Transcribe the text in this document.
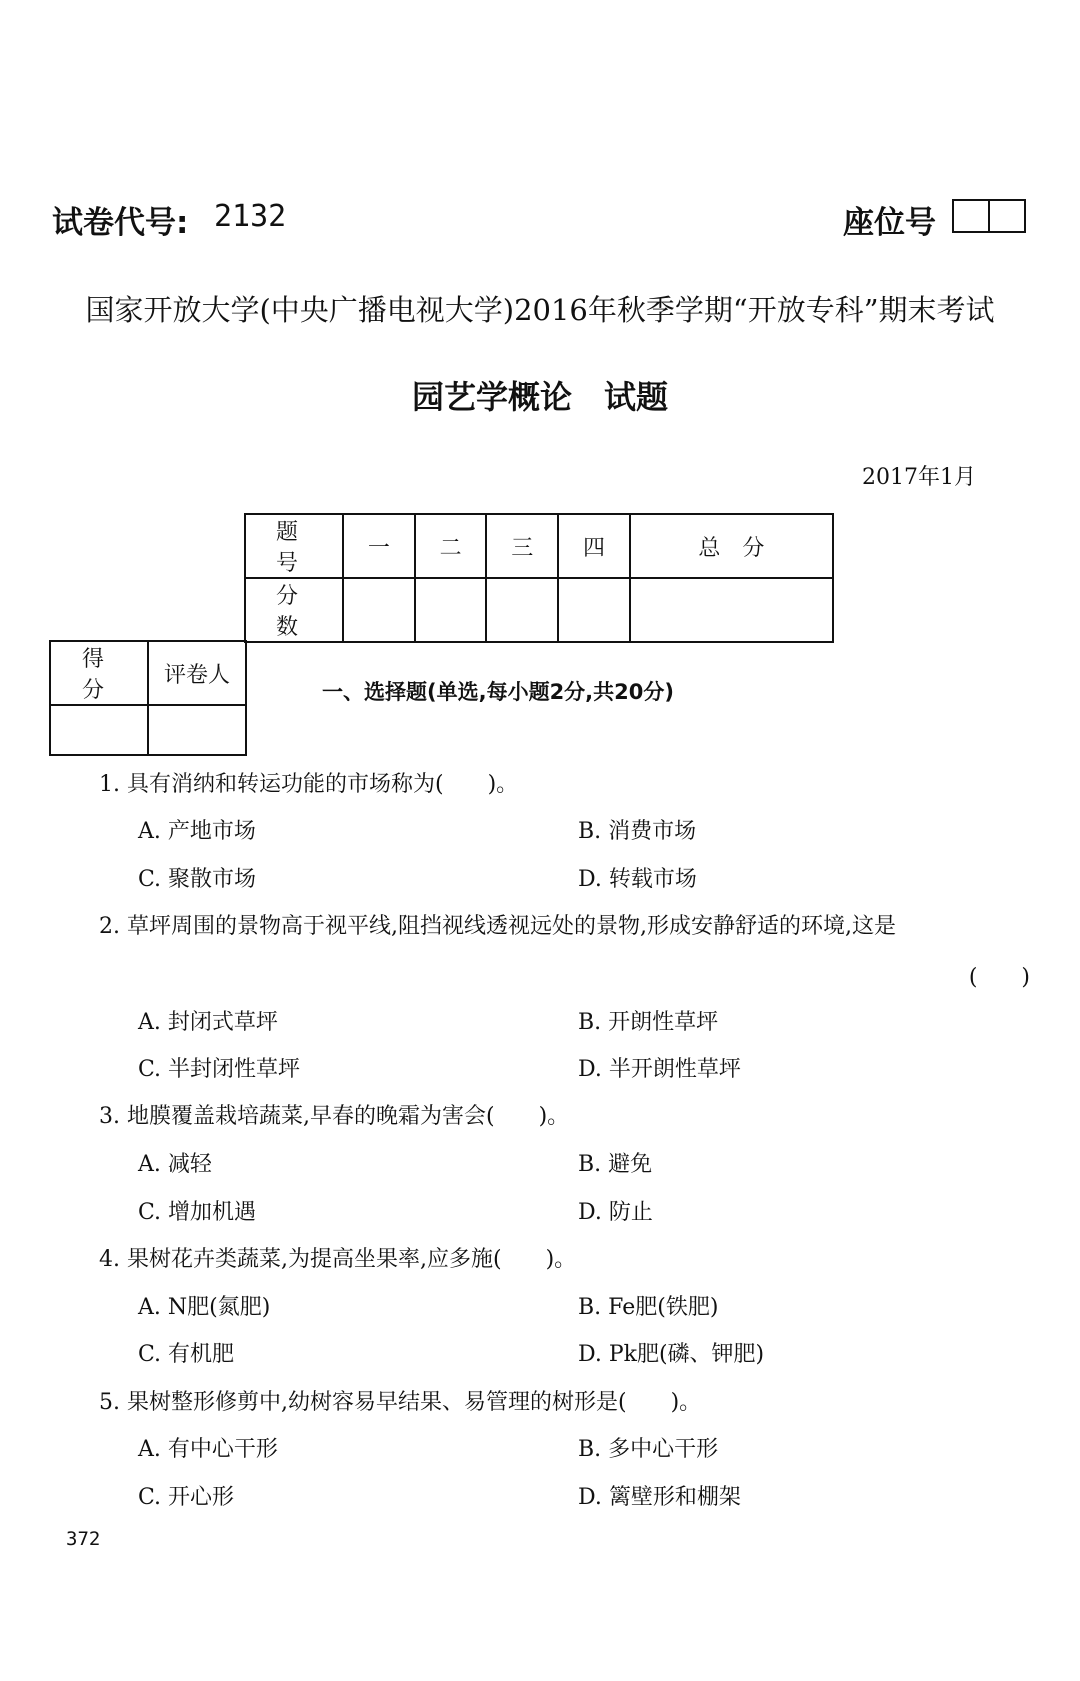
试卷代号: 2132	座位号
国家开放大学(中央广播电视大学)2016年秋季学期“开放专科”期末考试
园艺学概论　试题
2017年1月
题　号	一	二	三	四	总　分
分　数					
得　分	评卷人

一、选择题(单选,每小题2分,共20分)
1. 具有消纳和转运功能的市场称为(　　)。
A. 产地市场	B. 消费市场
C. 聚散市场	D. 转载市场
2. 草坪周围的景物高于视平线,阻挡视线透视远处的景物,形成安静舒适的环境,这是
(　　)
A. 封闭式草坪	B. 开朗性草坪
C. 半封闭性草坪	D. 半开朗性草坪
3. 地膜覆盖栽培蔬菜,早春的晚霜为害会(　　)。
A. 减轻	B. 避免
C. 增加机遇	D. 防止
4. 果树花卉类蔬菜,为提高坐果率,应多施(　　)。
A. N肥(氮肥)	B. Fe肥(铁肥)
C. 有机肥	D. Pk肥(磷、钾肥)
5. 果树整形修剪中,幼树容易早结果、易管理的树形是(　　)。
A. 有中心干形	B. 多中心干形
C. 开心形	D. 篱壁形和棚架
372
